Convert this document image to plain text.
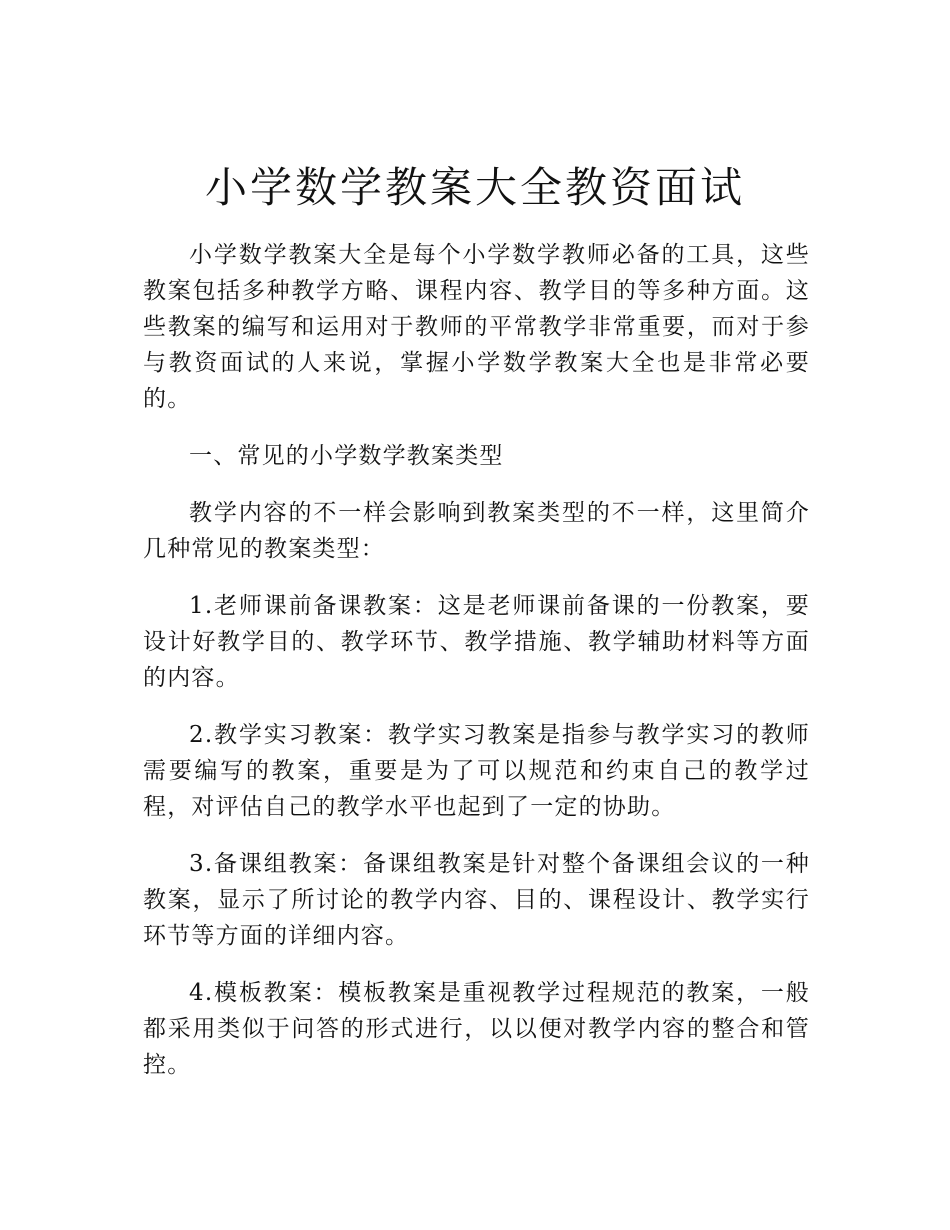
小学数学教案大全教资面试

小学数学教案大全是每个小学数学教师必备的工具，这些教案包括多种教学方略、课程内容、教学目的等多种方面。这些教案的编写和运用对于教师的平常教学非常重要，而对于参与教资面试的人来说，掌握小学数学教案大全也是非常必要的。

一、常见的小学数学教案类型

教学内容的不一样会影响到教案类型的不一样，这里简介几种常见的教案类型：

1.老师课前备课教案：这是老师课前备课的一份教案，要设计好教学目的、教学环节、教学措施、教学辅助材料等方面的内容。

2.教学实习教案：教学实习教案是指参与教学实习的教师需要编写的教案，重要是为了可以规范和约束自己的教学过程，对评估自己的教学水平也起到了一定的协助。

3.备课组教案：备课组教案是针对整个备课组会议的一种教案，显示了所讨论的教学内容、目的、课程设计、教学实行环节等方面的详细内容。

4.模板教案：模板教案是重视教学过程规范的教案，一般都采用类似于问答的形式进行，以以便对教学内容的整合和管控。
